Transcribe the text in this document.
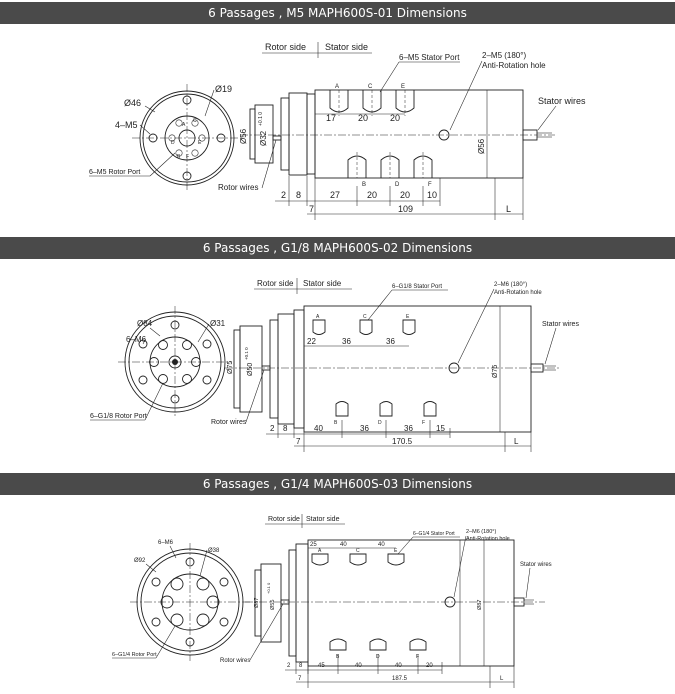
6 Passages , M5 MAPH600S-01 Dimensions
Rotor side Stator side
A
C
E
F
B
D
Ø46
Ø19
4–M5
6–M5 Rotor Port
A	C	E
B	D	F
6–M5 Stator Port	2–M5 (180°)
Anti-Rotation hole
Stator wires
Rotor wires
Ø56 Ø32
+0.1 0
Ø56
17 20 20
2 8	27	20	20 10
7	109	L
6 Passages , G1/8 MAPH600S-02 Dimensions
Rotor side Stator side
Ø84	Ø31
6–M6
6–G1/8 Rotor Port
A	C	E
B	D	F
6–G1/8 Stator Port	2–M6 (180°)
Anti-Rotation hole
Stator wires
Rotor wires
Ø75 Ø50
+0.1 0
Ø75
22	36	36
2 8	40	36	36	15
7	170.5	L
6 Passages , G1/4 MAPH600S-03 Dimensions
Rotor side Stator side
Ø92
Ø38
6–M6
6–G1/4 Rotor Port
A	C	E
B	D	F
6–G1/4 Stator Port 2–M6 (180°)
Anti-Rotation hole
Stator wires
Rotor wires
Ø87 Ø55
+0.1 0
Ø87
25	40	40
2 8	45	40	40	20
7	187.5	L
